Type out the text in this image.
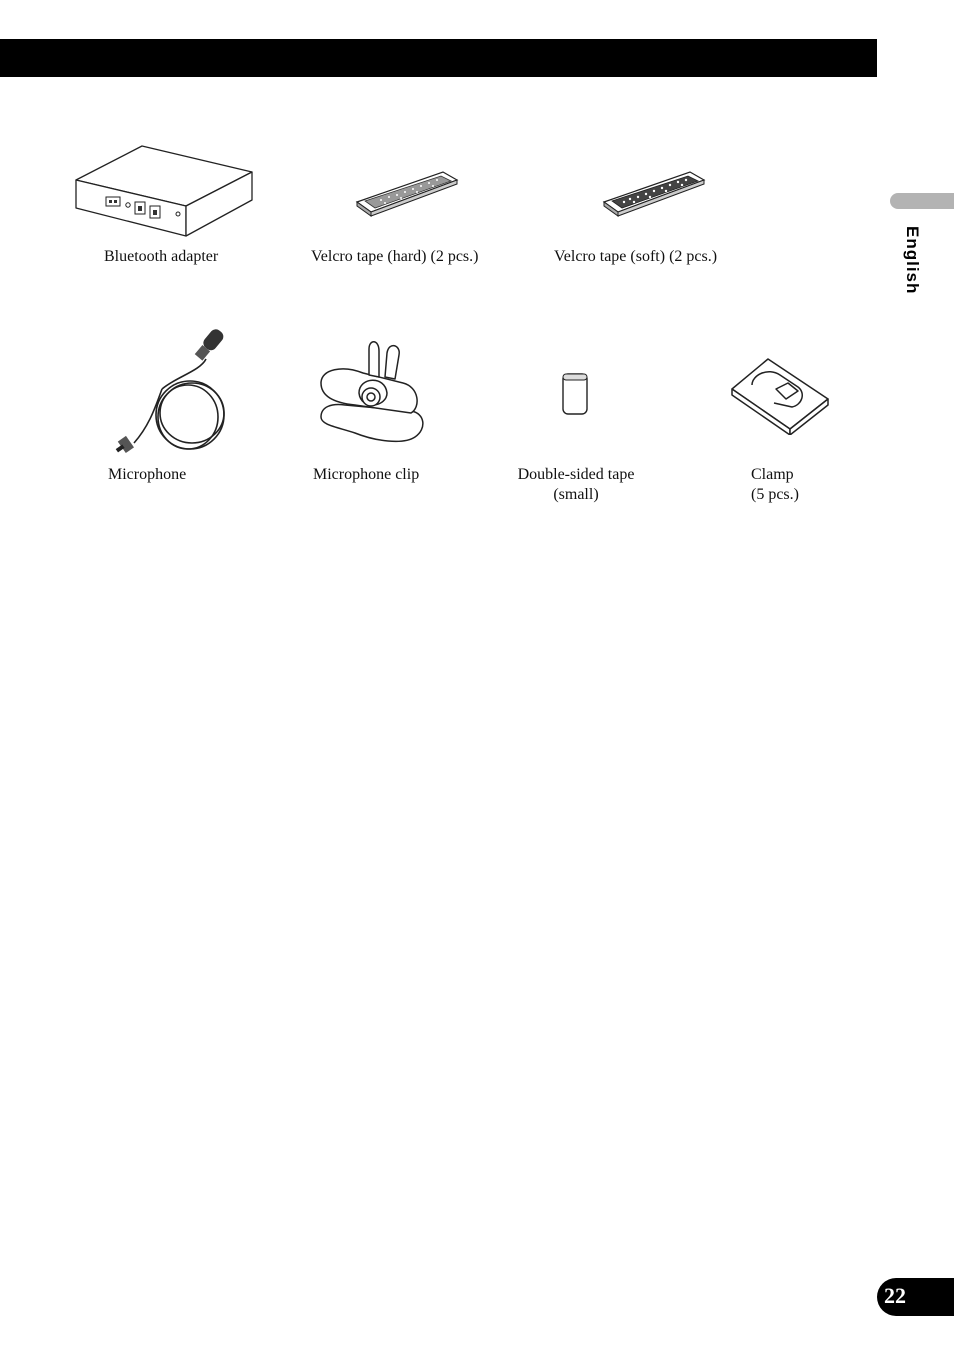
English
Bluetooth adapter	Velcro tape (hard) (2 pcs.)	Velcro tape (soft) (2 pcs.)
Microphone	Microphone clip	Double-sided tape
(small)
Clamp
(5 pcs.)
22
